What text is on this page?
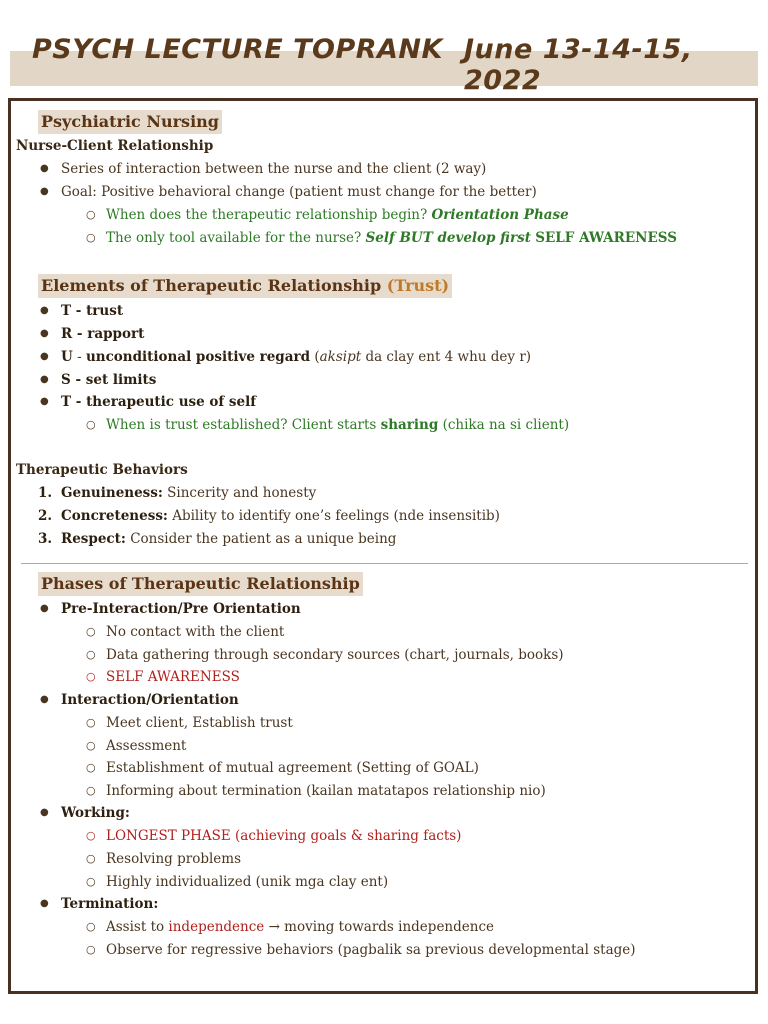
PSYCH LECTURE TOPRANK June 13-14-15, 2022
Psychiatric Nursing
Nurse-Client Relationship
● Series of interaction between the nurse and the client (2 way)
● Goal: Positive behavioral change (patient must change for the better)
○ When does the therapeutic relationship begin? Orientation Phase
○ The only tool available for the nurse? Self BUT develop first SELF AWARENESS
Elements of Therapeutic Relationship (Trust)
● T - trust
● R - rapport
● U - unconditional positive regard (aksipt da clay ent 4 whu dey r)
● S - set limits
● T - therapeutic use of self
○ When is trust established? Client starts sharing (chika na si client)
Therapeutic Behaviors
1. Genuineness: Sincerity and honesty
2. Concreteness: Ability to identify one’s feelings (nde insensitib)
3. Respect: Consider the patient as a unique being
Phases of Therapeutic Relationship
● Pre-Interaction/Pre Orientation
○ No contact with the client
○ Data gathering through secondary sources (chart, journals, books)
○ SELF AWARENESS
● Interaction/Orientation
○ Meet client, Establish trust
○ Assessment
○ Establishment of mutual agreement (Setting of GOAL)
○ Informing about termination (kailan matatapos relationship nio)
● Working:
○ LONGEST PHASE (achieving goals & sharing facts)
○ Resolving problems
○ Highly individualized (unik mga clay ent)
● Termination:
○ Assist to independence → moving towards independence
○ Observe for regressive behaviors (pagbalik sa previous developmental stage)
